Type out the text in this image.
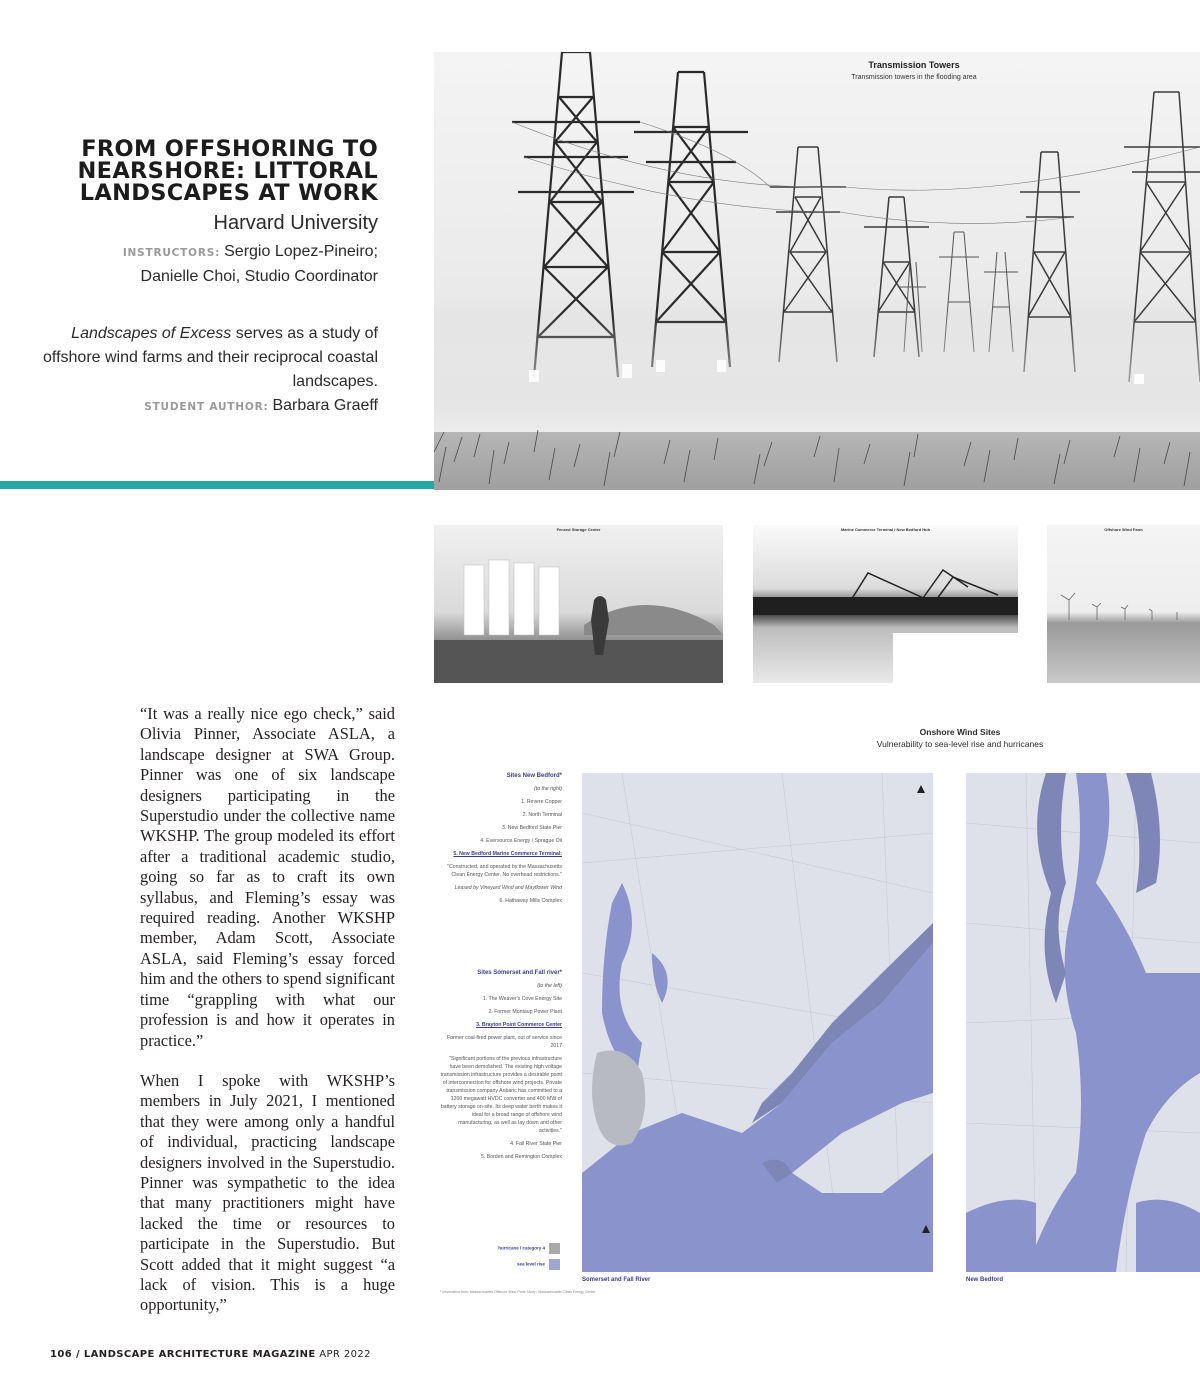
FROM OFFSHORING TO
NEARSHORE: LITTORAL
LANDSCAPES AT WORK
Harvard University
INSTRUCTORS: Sergio Lopez-Pineiro;
Danielle Choi, Studio Coordinator
Landscapes of Excess serves as a study of offshore wind farms and their reciprocal coastal landscapes.
STUDENT AUTHOR: Barbara Graeff
Transmission Towers
Transmission towers in the flooding area
Fenced Storage Center	Marine Commerce Terminal / New Bedford Hub	Offshore Wind Farm

“It was a really nice ego check,” said Olivia Pinner, Associate ASLA, a landscape designer at SWA Group. Pinner was one of six landscape designers participating in the Superstudio under the collective name WKSHP. The group modeled its effort after a traditional academic studio, going so far as to craft its own syllabus, and Fleming’s essay was required reading. Another WKSHP member, Adam Scott, Associate ASLA, said Fleming’s essay forced him and the others to spend significant time “grappling with what our profession is and how it operates in practice.”

When I spoke with WKSHP’s members in July 2021, I mentioned that they were among only a handful of individual, practicing landscape designers involved in the Superstudio. Pinner was sympathetic to the idea that many practitioners might have lacked the time or resources to participate in the Superstudio. But Scott added that it might suggest “a lack of vision. This is a huge opportunity,”

Onshore Wind Sites
Vulnerability to sea-level rise and hurricanes
Sites New Bedford*
(to the right)
1. Revere Copper
2. North Terminal
3. New Bedford State Pier
4. Eversource Energy / Sprague Oil
5. New Bedford Marine Commerce Terminal:
"Constructed, and operated by the Massachusetts Clean Energy Center. No overhead restrictions."
Leased by Vineyard Wind and Mayflower Wind
6. Hathaway Mills Complex
Sites Somerset and Fall river*
(to the left)
1. The Weaver's Cove Energy Site
2. Former Montaup Power Plant
3. Brayton Point Commerce Center
Former coal-fired power plant, out of service since 2017
"Significant portions of the previous infrastructure have been demolished. The existing high voltage transmission infrastructure provides a desirable point of interconnection for offshore wind projects. Private transmission company Anbaric has committed to a 1200 megawatt HVDC converter and 400 MW of battery storage on-site. Its deep water berth makes it ideal for a broad range of offshore wind manufacturing, as well as lay down and other activities."
4. Fall River State Pier
5. Borden and Remington Complex
hurricane / category 4
sea level rise
Somerset and Fall River	New Bedford
* Information from: Massachusetts Offshore Wind Ports Study / Massachusetts Clean Energy Center
106 / LANDSCAPE ARCHITECTURE MAGAZINE APR 2022
